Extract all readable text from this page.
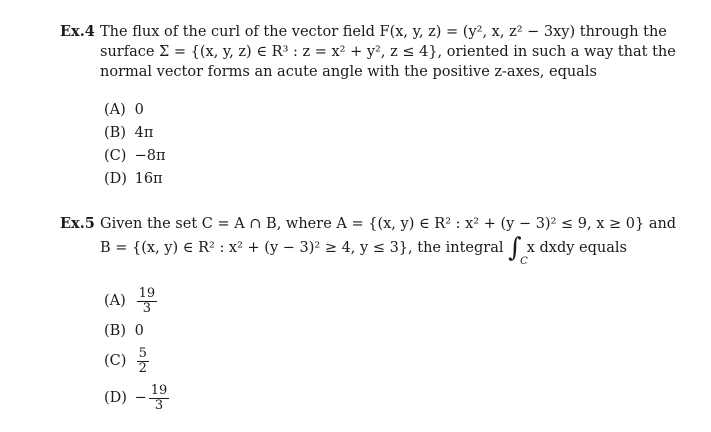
Ex.4 The flux of the curl of the vector field F(x, y, z) = (y², x, z² − 3xy) through the
surface Σ = {(x, y, z) ∈ R³ : z = x² + y², z ≤ 4}, oriented in such a way that the
normal vector forms an acute angle with the positive z-axes, equals
(A) 0
(B) 4π
(C) −8π
(D) 16π
Ex.5 Given the set C = A ∩ B, where A = {(x, y) ∈ R² : x² + (y − 3)² ≤ 9, x ≥ 0} and
B = {(x, y) ∈ R² : x² + (y − 3)² ≥ 4, y ≤ 3}, the integral ∫
C
x dxdy equals
$(A) \frac{19}{3}$
(B) 0
$(C) \frac{5}{2}$
$(D) - \frac{19}{3}$
